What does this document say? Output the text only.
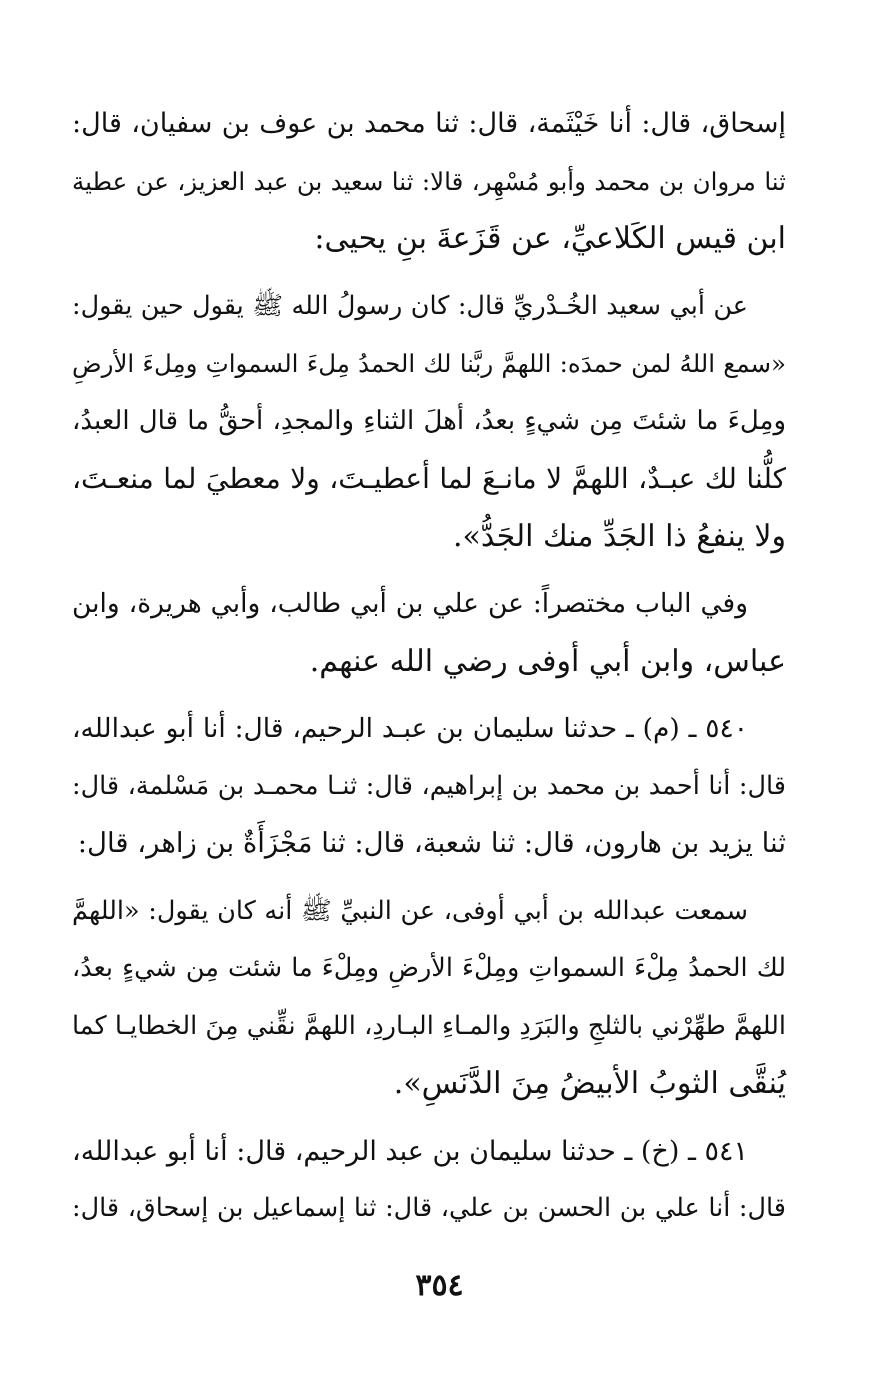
إسحاق، قال: أنا خَيْثَمة، قال: ثنا محمد بن عوف بن سفيان، قال:
ثنا مروان بن محمد وأبو مُسْهِر، قالا: ثنا سعيد بن عبد العزيز، عن عطية
ابن قيس الكَلاعيِّ، عن قَزَعةَ بنِ يحيى:
عن أبي سعيد الخُـدْريِّ قال: كان رسولُ الله ﷺ يقول حين يقول:
«سمع اللهُ لمن حمدَه: اللهمَّ ربَّنا لك الحمدُ مِلءَ السمواتِ ومِلءَ الأرضِ
ومِلءَ ما شئتَ مِن شيءٍ بعدُ، أهلَ الثناءِ والمجدِ، أحقُّ ما قال العبدُ،
كلُّنا لك عبـدٌ، اللهمَّ لا مانـعَ لما أعطيـتَ، ولا معطيَ لما منعـتَ،
ولا ينفعُ ذا الجَدِّ منك الجَدُّ».
وفي الباب مختصراً: عن علي بن أبي طالب، وأبي هريرة، وابن
عباس، وابن أبي أوفى رضي الله عنهم.
٥٤٠ ـ (م) ـ حدثنا سليمان بن عبـد الرحيم، قال: أنا أبو عبدالله،
قال: أنا أحمد بن محمد بن إبراهيم، قال: ثنـا محمـد بن مَسْلمة، قال:
ثنا يزيد بن هارون، قال: ثنا شعبة، قال: ثنا مَجْزَأَةٌ بن زاهر، قال:
سمعت عبدالله بن أبي أوفى، عن النبيِّ ﷺ أنه كان يقول: «اللهمَّ
لك الحمدُ مِلْءَ السمواتِ ومِلْءَ الأرضِ ومِلْءَ ما شئت مِن شيءٍ بعدُ،
اللهمَّ طهِّرْني بالثلجِ والبَرَدِ والمـاءِ البـاردِ، اللهمَّ نقِّني مِنَ الخطايـا كما
يُنقَّى الثوبُ الأبيضُ مِنَ الدَّنَسِ».
٥٤١ ـ (خ) ـ حدثنا سليمان بن عبد الرحيم، قال: أنا أبو عبدالله،
قال: أنا علي بن الحسن بن علي، قال: ثنا إسماعيل بن إسحاق، قال:
٣٥٤
